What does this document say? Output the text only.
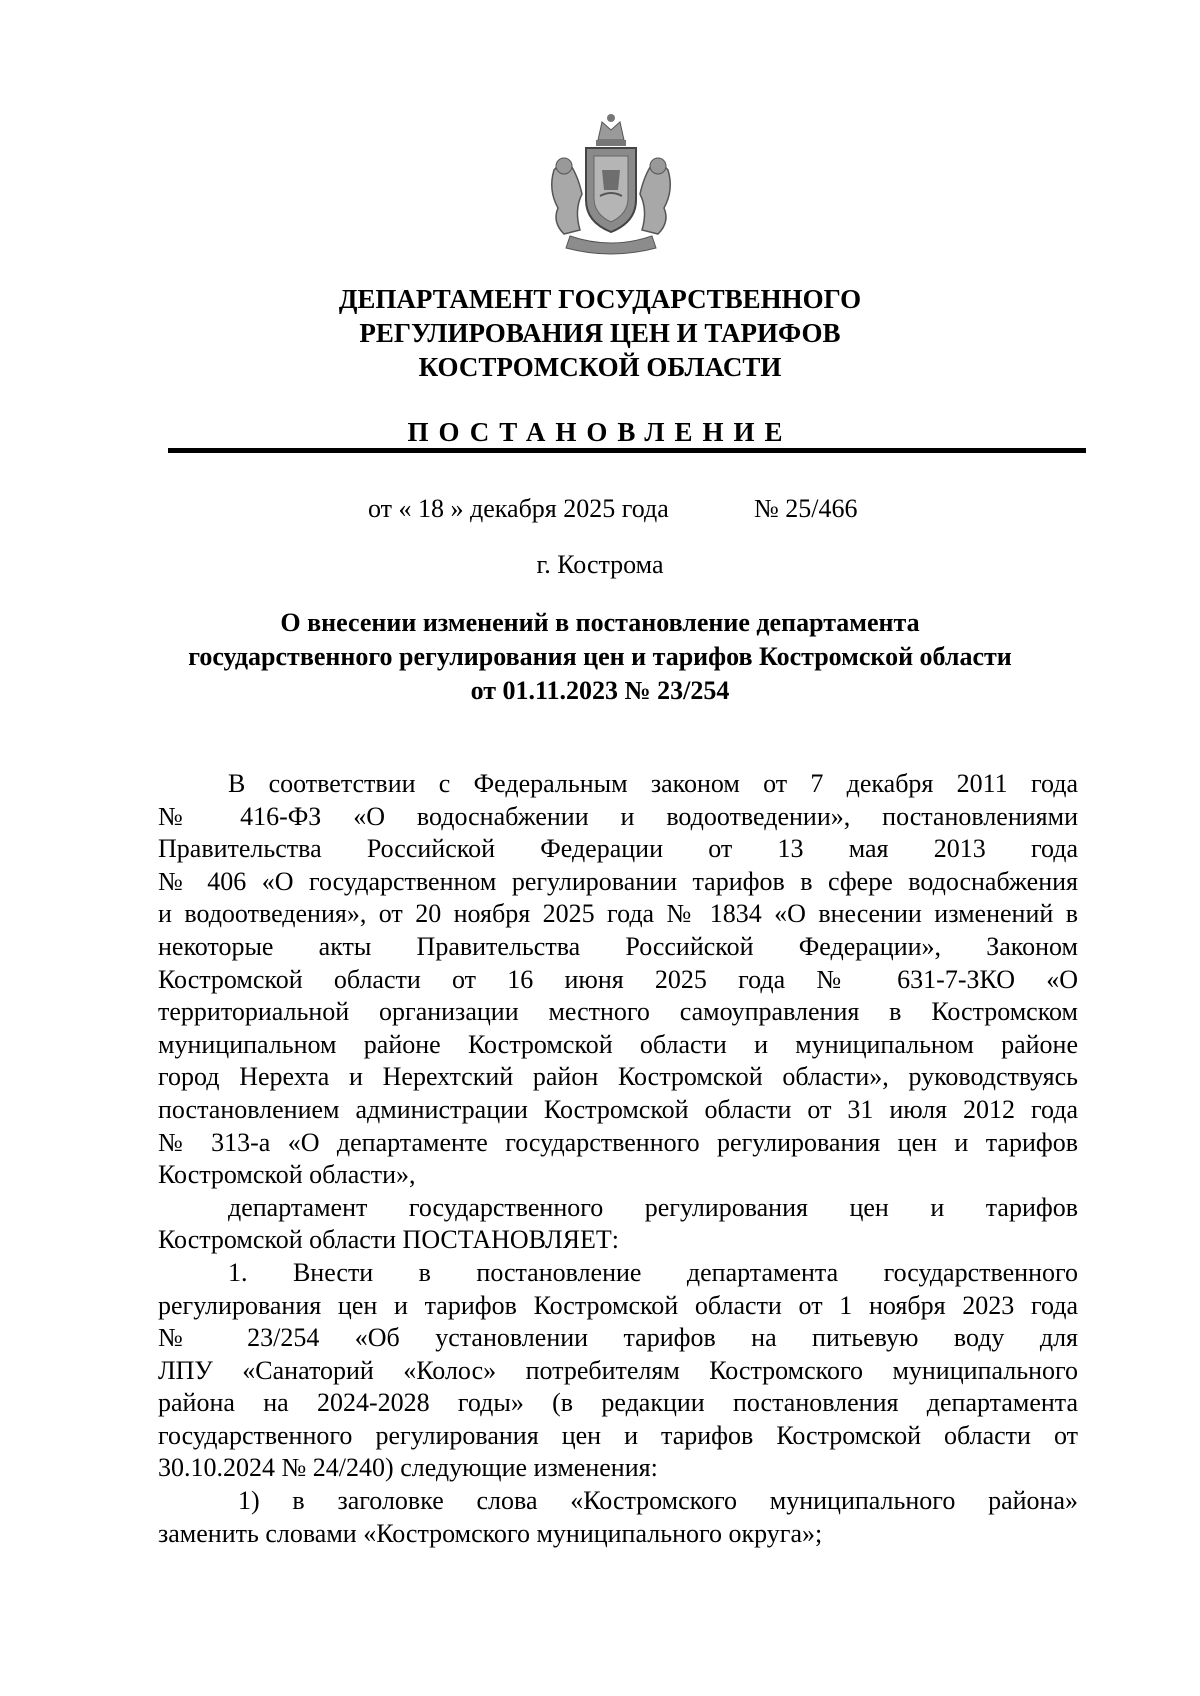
ДЕПАРТАМЕНТ ГОСУДАРСТВЕННОГО
РЕГУЛИРОВАНИЯ ЦЕН И ТАРИФОВ
КОСТРОМСКОЙ ОБЛАСТИ
ПОСТАНОВЛЕНИЕ
от « 18 » декабря 2025 года	№ 25/466
г. Кострома
О внесении изменений в постановление департамента
государственного регулирования цен и тарифов Костромской области
от 01.11.2023 № 23/254
В соответствии с Федеральным законом от 7 декабря 2011 года
№ 416-ФЗ «О водоснабжении и водоотведении», постановлениями
Правительства Российской Федерации от 13 мая 2013 года
№ 406 «О государственном регулировании тарифов в сфере водоснабжения
и водоотведения», от 20 ноября 2025 года № 1834 «О внесении изменений в
некоторые акты Правительства Российской Федерации», Законом
Костромской области от 16 июня 2025 года № 631-7-ЗКО «О
территориальной организации местного самоуправления в Костромском
муниципальном районе Костромской области и муниципальном районе
город Нерехта и Нерехтский район Костромской области», руководствуясь
постановлением администрации Костромской области от 31 июля 2012 года
№ 313-а «О департаменте государственного регулирования цен и тарифов
Костромской области»,
департамент государственного регулирования цен и тарифов
Костромской области ПОСТАНОВЛЯЕТ:
1. Внести в постановление департамента государственного
регулирования цен и тарифов Костромской области от 1 ноября 2023 года
№ 23/254 «Об установлении тарифов на питьевую воду для
ЛПУ «Санаторий «Колос» потребителям Костромского муниципального
района на 2024-2028 годы» (в редакции постановления департамента
государственного регулирования цен и тарифов Костромской области от
30.10.2024 № 24/240) следующие изменения:
1) в заголовке слова «Костромского муниципального района»
заменить словами «Костромского муниципального округа»;
